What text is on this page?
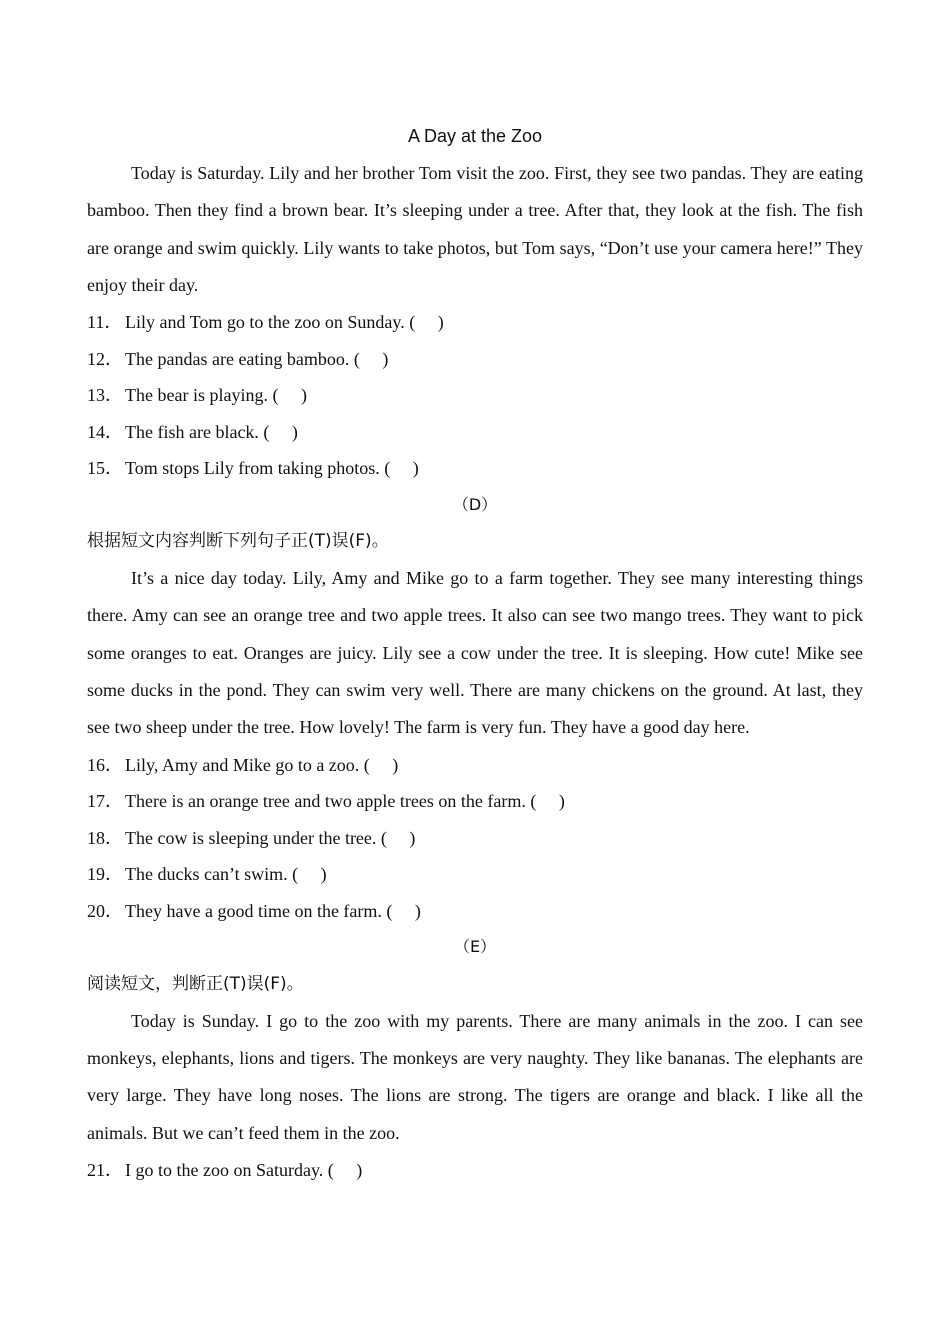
A Day at the Zoo
Today is Saturday. Lily and her brother Tom visit the zoo. First, they see two pandas. They are eating bamboo. Then they find a brown bear. It’s sleeping under a tree. After that, they look at the fish. The fish are orange and swim quickly. Lily wants to take photos, but Tom says, “Don’t use your camera here!” They enjoy their day.
11． Lily and Tom go to the zoo on Sunday. (     )
12． The pandas are eating bamboo. (     )
13． The bear is playing. (     )
14． The fish are black. (     )
15． Tom stops Lily from taking photos. (     )
（D）
根据短文内容判断下列句子正(T)误(F)。
It’s a nice day today. Lily, Amy and Mike go to a farm together. They see many interesting things there. Amy can see an orange tree and two apple trees. It also can see two mango trees. They want to pick some oranges to eat. Oranges are juicy. Lily see a cow under the tree. It is sleeping. How cute! Mike see some ducks in the pond. They can swim very well. There are many chickens on the ground. At last, they see two sheep under the tree. How lovely! The farm is very fun. They have a good day here.
16． Lily, Amy and Mike go to a zoo. (     )
17． There is an orange tree and two apple trees on the farm. (     )
18． The cow is sleeping under the tree. (     )
19． The ducks can’t swim. (     )
20． They have a good time on the farm. (     )
（E）
阅读短文，判断正(T)误(F)。
Today is Sunday. I go to the zoo with my parents. There are many animals in the zoo. I can see monkeys, elephants, lions and tigers. The monkeys are very naughty. They like bananas. The elephants are very large. They have long noses. The lions are strong. The tigers are orange and black. I like all the animals. But we can’t feed them in the zoo.
21． I go to the zoo on Saturday. (     )
